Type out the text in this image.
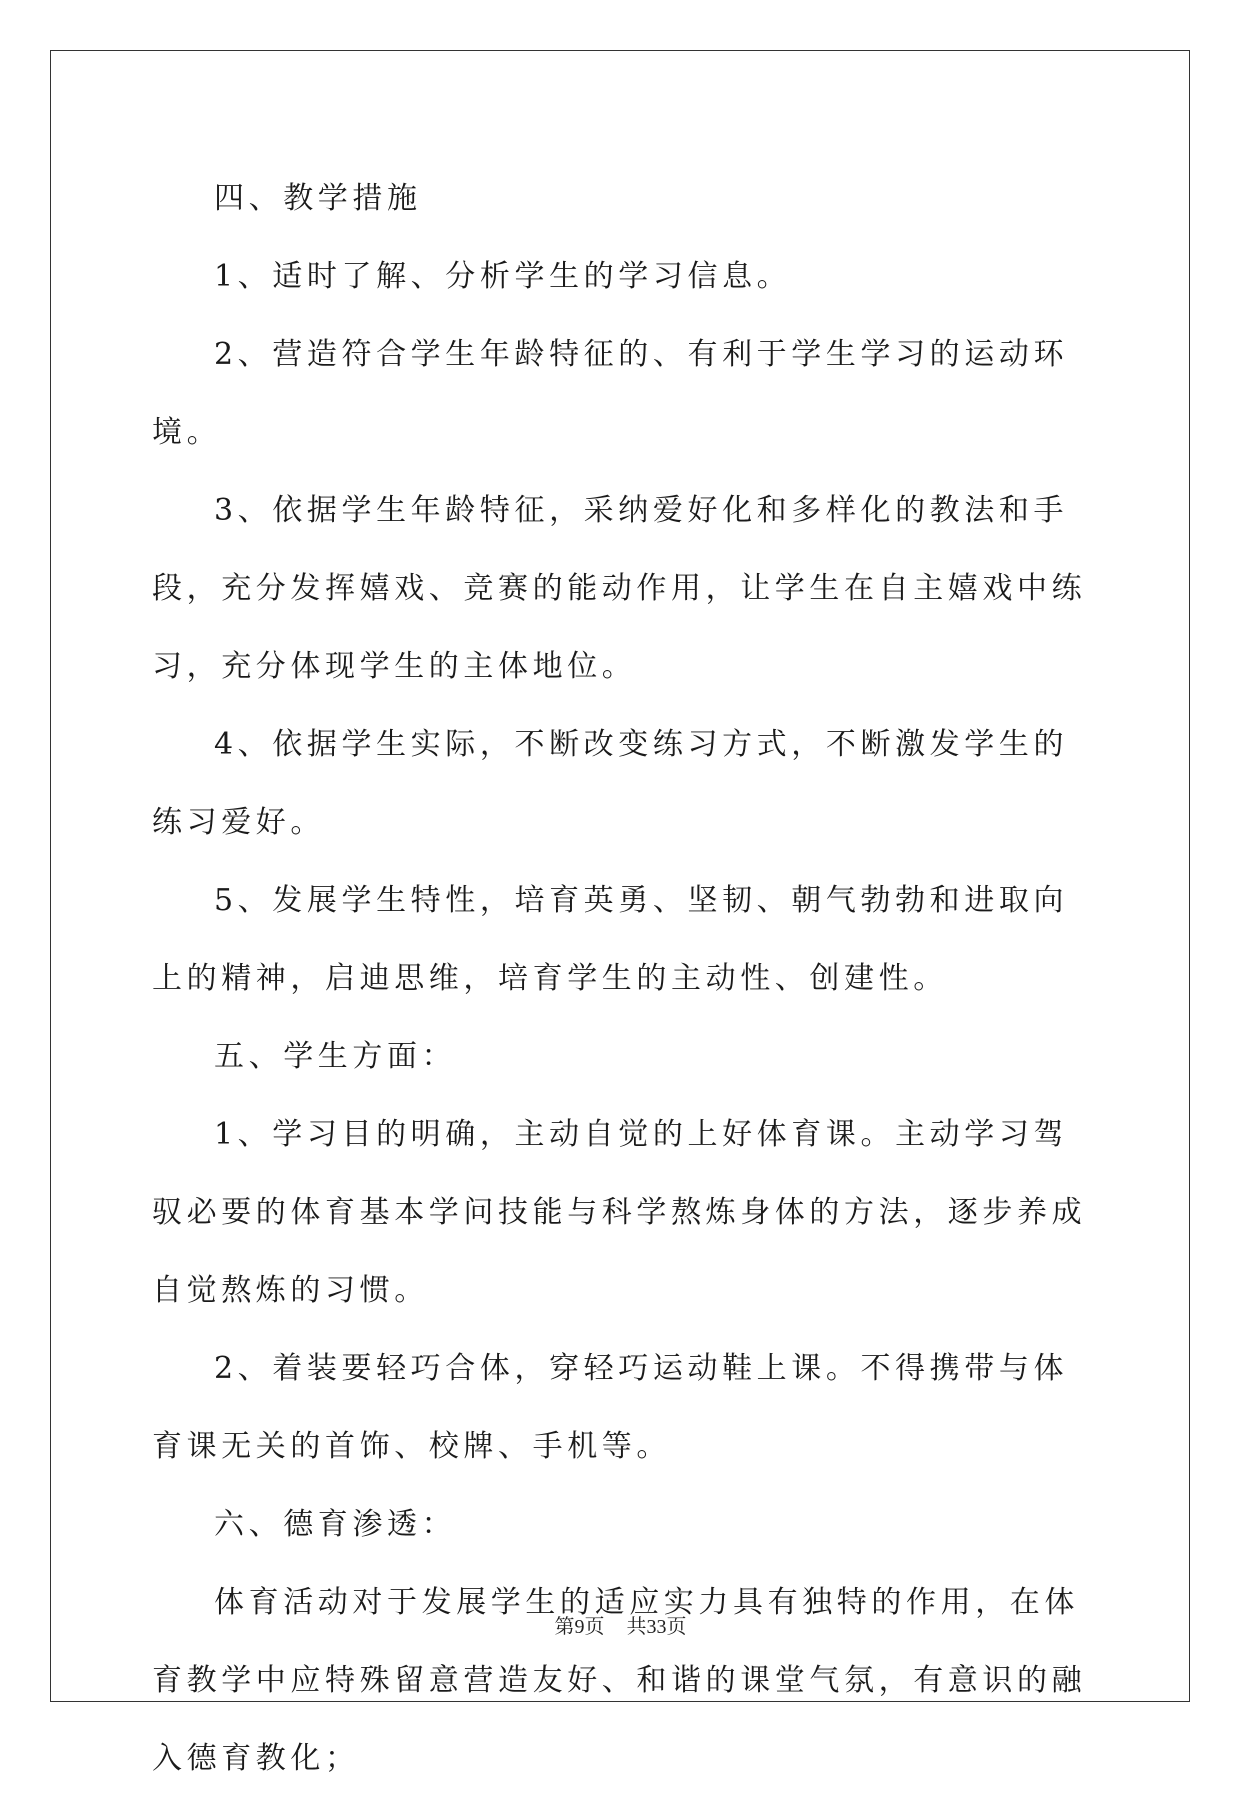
四、教学措施

1、适时了解、分析学生的学习信息。

2、营造符合学生年龄特征的、有利于学生学习的运动环境。

3、依据学生年龄特征，采纳爱好化和多样化的教法和手段，充分发挥嬉戏、竞赛的能动作用，让学生在自主嬉戏中练习，充分体现学生的主体地位。

4、依据学生实际，不断改变练习方式，不断激发学生的练习爱好。

5、发展学生特性，培育英勇、坚韧、朝气勃勃和进取向上的精神，启迪思维，培育学生的主动性、创建性。

五、学生方面：

1、学习目的明确，主动自觉的上好体育课。主动学习驾驭必要的体育基本学问技能与科学熬炼身体的方法，逐步养成自觉熬炼的习惯。

2、着装要轻巧合体，穿轻巧运动鞋上课。不得携带与体育课无关的首饰、校牌、手机等。

六、德育渗透：

体育活动对于发展学生的适应实力具有独特的作用，在体育教学中应特殊留意营造友好、和谐的课堂气氛，有意识的融入德育教化；

第9页 共33页
